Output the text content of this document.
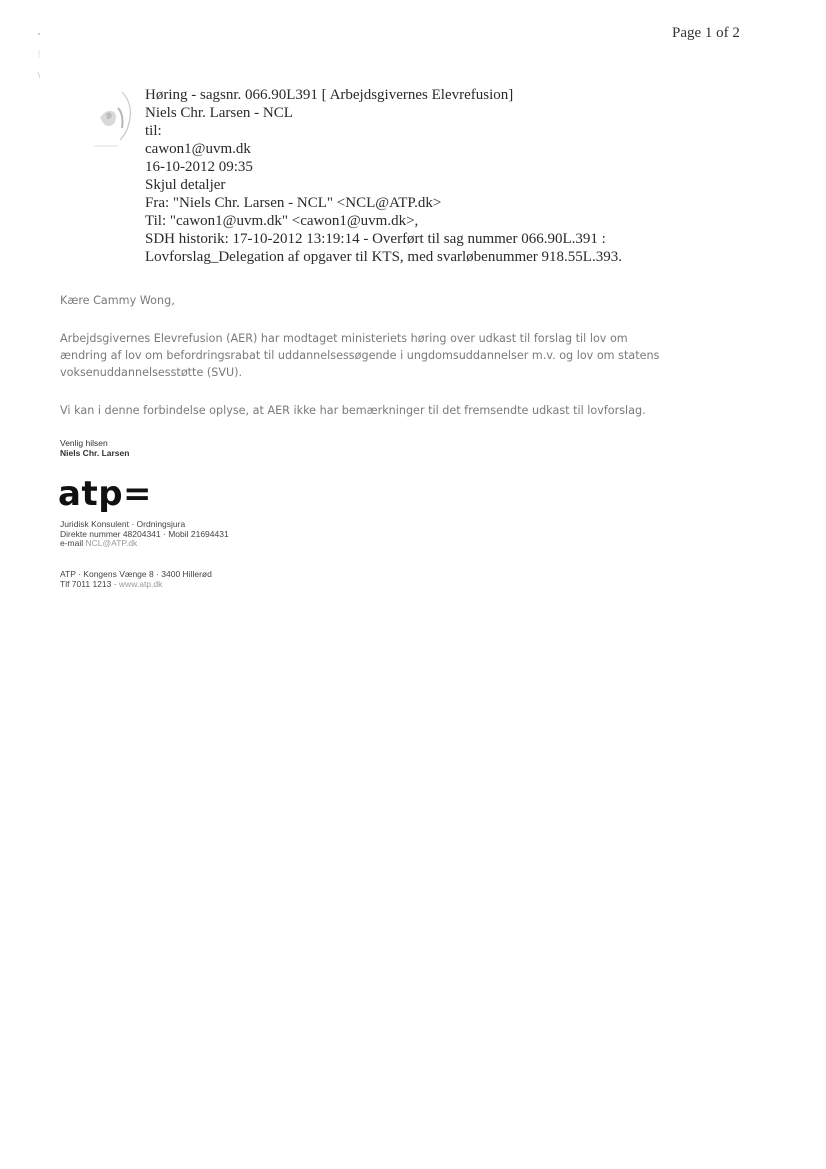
Page 1 of 2
Høring - sagsnr. 066.90L391 [ Arbejdsgivernes Elevrefusion]
Niels Chr. Larsen - NCL
til:
cawon1@uvm.dk
16-10-2012 09:35
Skjul detaljer
Fra: "Niels Chr. Larsen - NCL" <NCL@ATP.dk>
Til: "cawon1@uvm.dk" <cawon1@uvm.dk>,
SDH historik: 17-10-2012 13:19:14 - Overført til sag nummer 066.90L.391 :
Lovforslag_Delegation af opgaver til KTS, med svarløbenummer 918.55L.393.
Kære Cammy Wong,
Arbejdsgivernes Elevrefusion (AER) har modtaget ministeriets høring over udkast til forslag til lov om
ændring af lov om befordringsrabat til uddannelsessøgende i ungdomsuddannelser m.v. og lov om statens
voksenuddannelsesstøtte (SVU).
Vi kan i denne forbindelse oplyse, at AER ikke har bemærkninger til det fremsendte udkast til lovforslag.
Venlig hilsen
Niels Chr. Larsen
atp=
Juridisk Konsulent · Ordningsjura
Direkte nummer 48204341 · Mobil 21694431
e-mail NCL@ATP.dk
ATP · Kongens Vænge 8 · 3400 Hillerød
Tlf 7011 1213 · www.atp.dk
